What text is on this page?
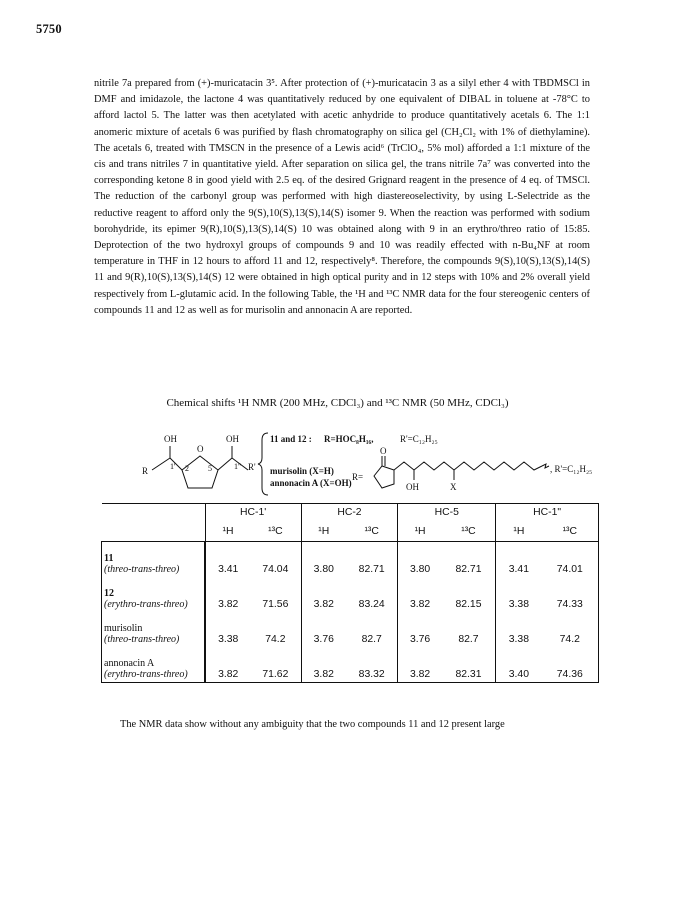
5750

nitrile 7a prepared from (+)-muricatacin 3⁵. After protection of (+)-muricatacin 3 as a silyl ether 4 with TBDMSCl in DMF and imidazole, the lactone 4 was quantitatively reduced by one equivalent of DIBAL in toluene at -78°C to afford lactol 5. The latter was then acetylated with acetic anhydride to produce quantitatively acetals 6. The 1:1 anomeric mixture of acetals 6 was purified by flash chromatography on silica gel (CH₂Cl₂ with 1% of diethylamine). The acetals 6, treated with TMSCN in the presence of a Lewis acid⁶ (TrClO₄, 5% mol) afforded a 1:1 mixture of the cis and trans nitriles 7 in quantitative yield. After separation on silica gel, the trans nitrile 7a⁷ was converted into the corresponding ketone 8 in good yield with 2.5 eq. of the desired Grignard reagent in the presence of 4 eq. of TMSCl. The reduction of the carbonyl group was performed with high diastereoselectivity, by using L-Selectride as the reductive reagent to afford only the 9(S),10(S),13(S),14(S) isomer 9. When the reaction was performed with sodium borohydride, its epimer 9(R),10(S),13(S),14(S) 10 was obtained along with 9 in an erythro/threo ratio of 15:85. Deprotection of the two hydroxyl groups of compounds 9 and 10 was readily effected with n-Bu₄NF at room temperature in THF in 12 hours to afford 11 and 12, respectively⁸. Therefore, the compounds 9(S),10(S),13(S),14(S) 11 and 9(R),10(S),13(S),14(S) 12 were obtained in high optical purity and in 12 steps with 10% and 2% overall yield respectively from L-glutamic acid. In the following Table, the ¹H and ¹³C NMR data for the four stereogenic centers of compounds 11 and 12 as well as for murisolin and annonacin A are reported.

Chemical shifts ¹H NMR (200 MHz, CDCl₃) and ¹³C NMR (50 MHz, CDCl₃)
OH	OH
R	1' 2 5
O
1" R'
11 and 12 : R=HOC₈H₁₆,	R'=C₁₂H₂₅
murisolin (X=H)
annonacin A (X=OH)
R=
O
OH	X
, R'=C₁₂H₂₅
	HC-1'		HC-2		HC-5		HC-1"	
	¹H	¹³C	¹H	¹³C	¹H	¹³C	¹H	¹³C
11
(threo-trans-threo)	3.41	74.04	3.80	82.71	3.80	82.71	3.41	74.01
12
(erythro-trans-threo)	3.82	71.56	3.82	83.24	3.82	82.15	3.38	74.33
murisolin
(threo-trans-threo)	3.38	74.2	3.76	82.7	3.76	82.7	3.38	74.2
annonacin A
(erythro-trans-threo)	3.82	71.62	3.82	83.32	3.82	82.31	3.40	74.36
The NMR data show without any ambiguity that the two compounds 11 and 12 present large
